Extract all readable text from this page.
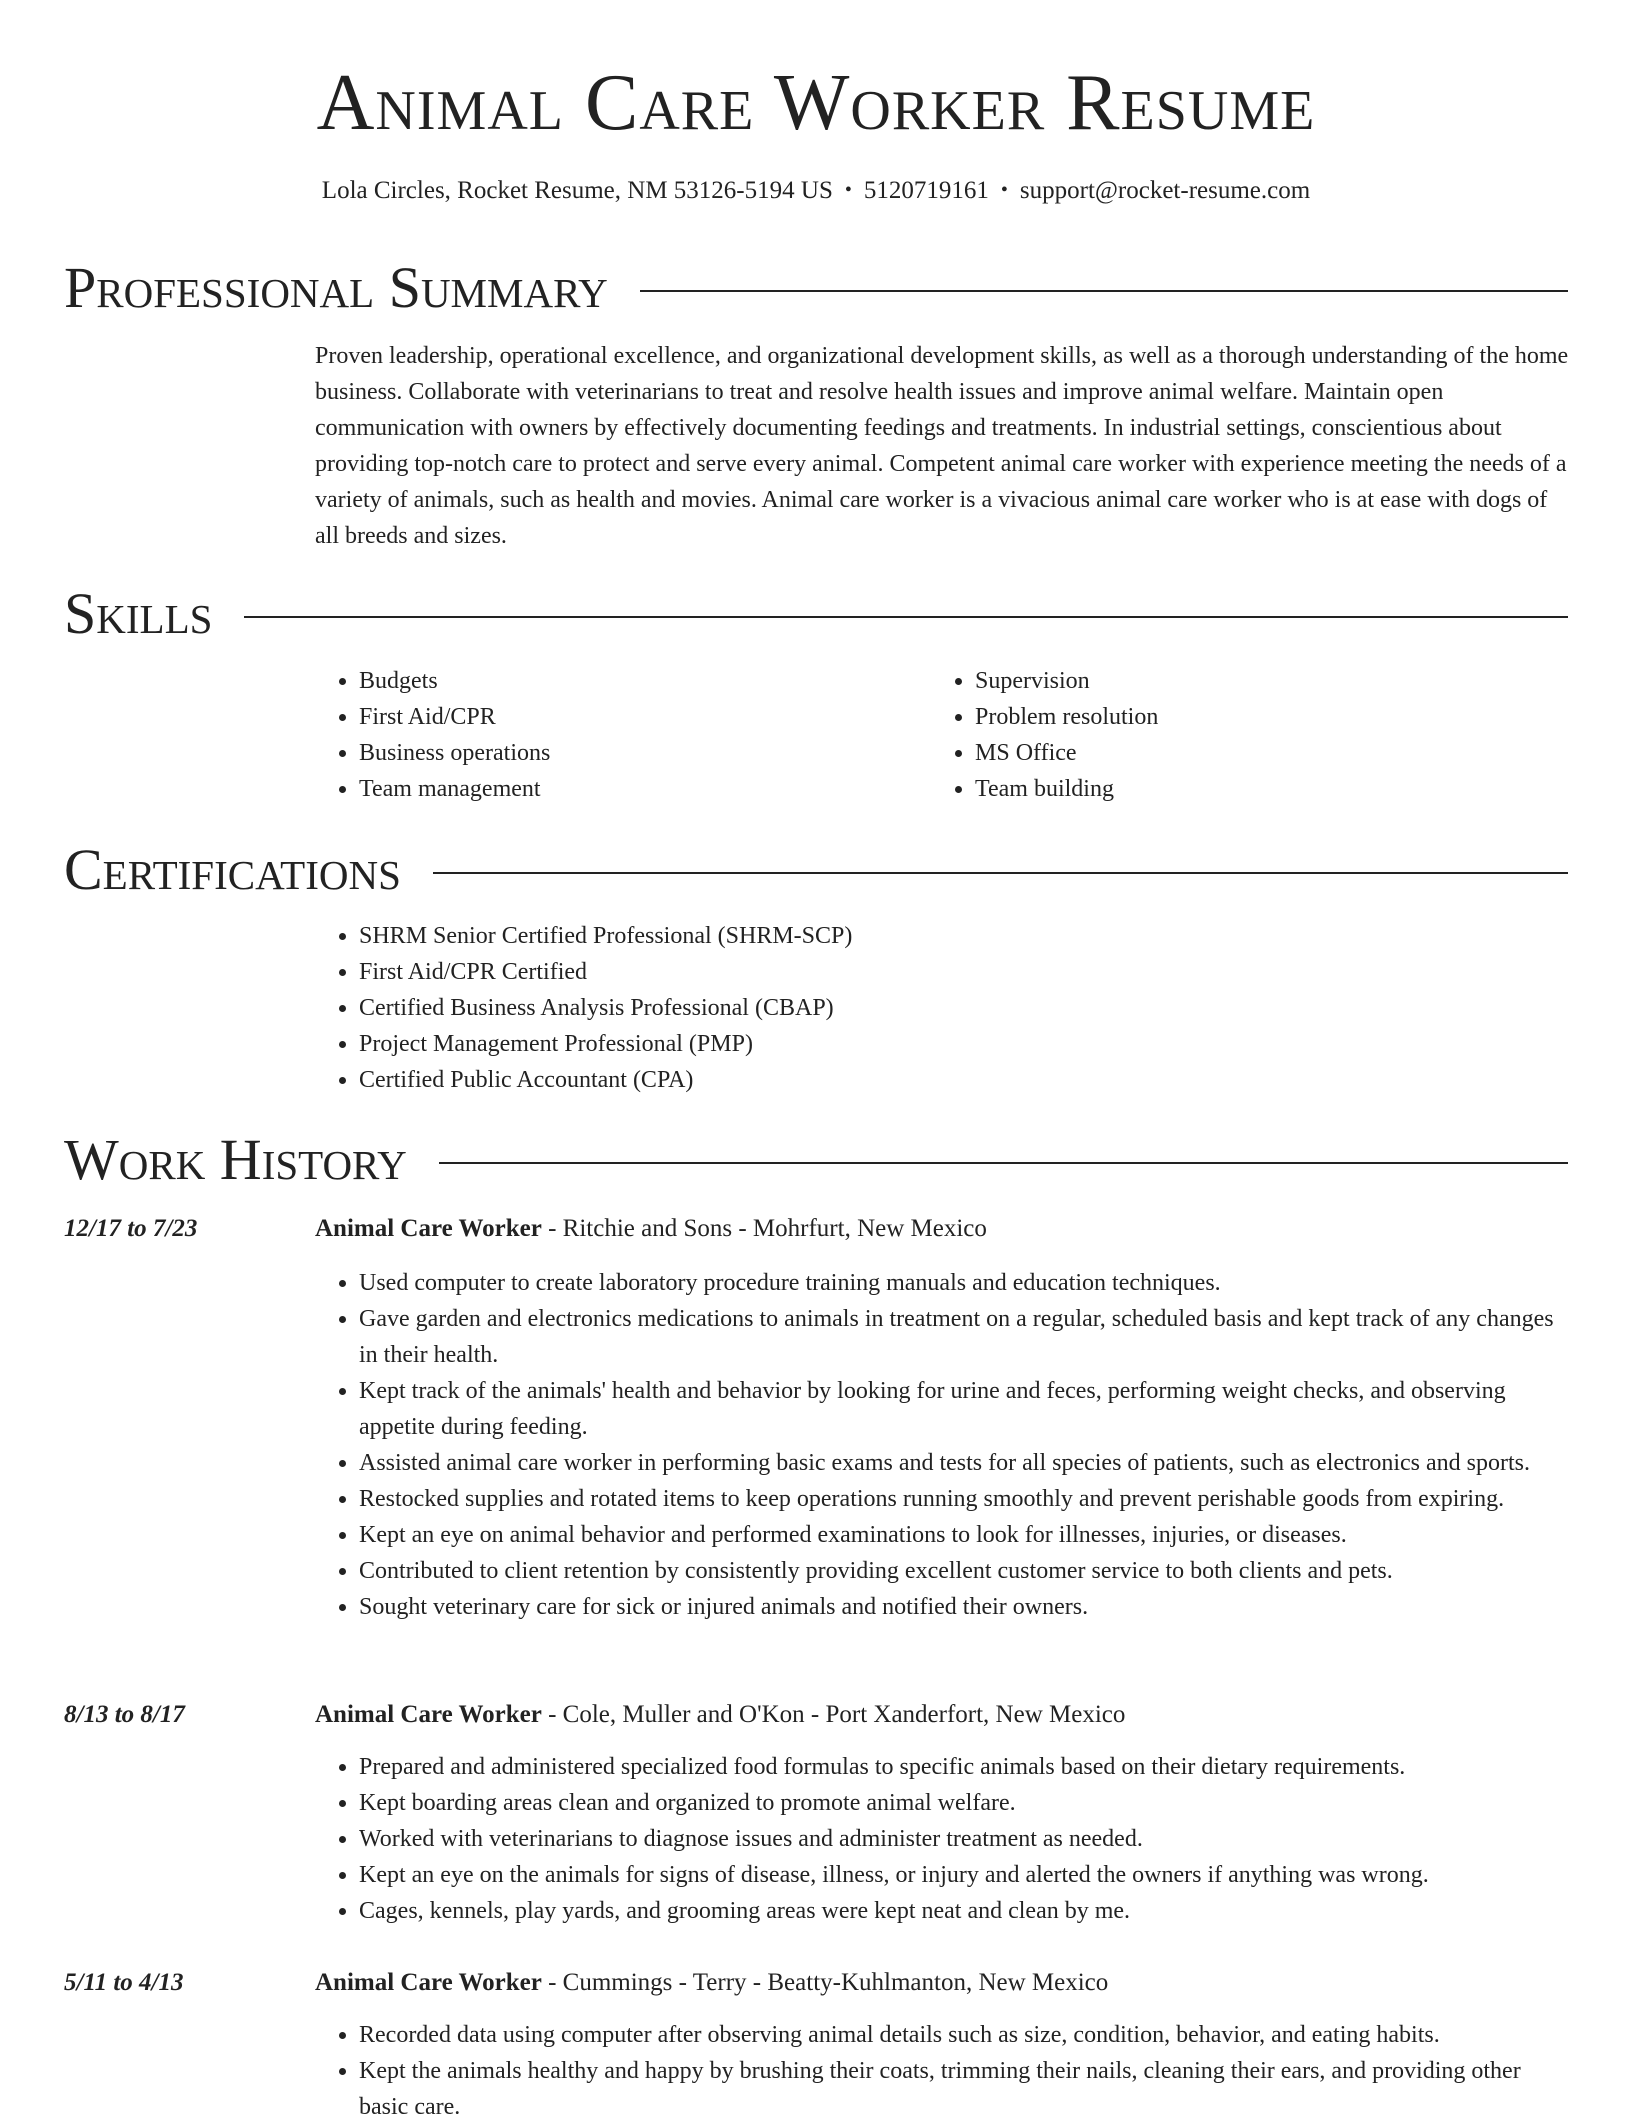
Animal Care Worker Resume
Lola Circles, Rocket Resume, NM 53126-5194 US • 5120719161 • support@rocket-resume.com
Professional Summary
Proven leadership, operational excellence, and organizational development skills, as well as a thorough understanding of the home business. Collaborate with veterinarians to treat and resolve health issues and improve animal welfare. Maintain open communication with owners by effectively documenting feedings and treatments. In industrial settings, conscientious about providing top-notch care to protect and serve every animal. Competent animal care worker with experience meeting the needs of a variety of animals, such as health and movies. Animal care worker is a vivacious animal care worker who is at ease with dogs of all breeds and sizes.
Skills
• Budgets
• First Aid/CPR
• Business operations
• Team management
• Supervision
• Problem resolution
• MS Office
• Team building
Certifications
• SHRM Senior Certified Professional (SHRM-SCP)
• First Aid/CPR Certified
• Certified Business Analysis Professional (CBAP)
• Project Management Professional (PMP)
• Certified Public Accountant (CPA)
Work History
12/17 to 7/23	Animal Care Worker - Ritchie and Sons - Mohrfurt, New Mexico
• Used computer to create laboratory procedure training manuals and education techniques.
• Gave garden and electronics medications to animals in treatment on a regular, scheduled basis and kept track of any changes in their health.
• Kept track of the animals' health and behavior by looking for urine and feces, performing weight checks, and observing appetite during feeding.
• Assisted animal care worker in performing basic exams and tests for all species of patients, such as electronics and sports.
• Restocked supplies and rotated items to keep operations running smoothly and prevent perishable goods from expiring.
• Kept an eye on animal behavior and performed examinations to look for illnesses, injuries, or diseases.
• Contributed to client retention by consistently providing excellent customer service to both clients and pets.
• Sought veterinary care for sick or injured animals and notified their owners.
8/13 to 8/17	Animal Care Worker - Cole, Muller and O'Kon - Port Xanderfort, New Mexico
• Prepared and administered specialized food formulas to specific animals based on their dietary requirements.
• Kept boarding areas clean and organized to promote animal welfare.
• Worked with veterinarians to diagnose issues and administer treatment as needed.
• Kept an eye on the animals for signs of disease, illness, or injury and alerted the owners if anything was wrong.
• Cages, kennels, play yards, and grooming areas were kept neat and clean by me.
5/11 to 4/13	Animal Care Worker - Cummings - Terry - Beatty-Kuhlmanton, New Mexico
• Recorded data using computer after observing animal details such as size, condition, behavior, and eating habits.
• Kept the animals healthy and happy by brushing their coats, trimming their nails, cleaning their ears, and providing other basic care.
